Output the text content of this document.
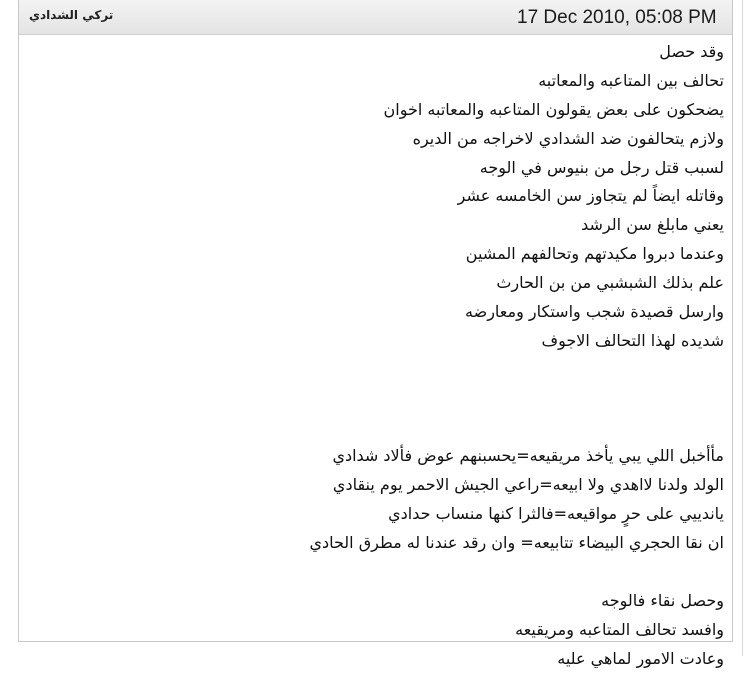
17 Dec 2010, 05:08 PM
تركي الشدادي
وقد حصل
تحالف بين المتاعبه والمعاتبه
يضحكون على بعض يقولون المتاعبه والمعاتبه اخوان
ولازم يتحالفون ضد الشدادي لاخراجه من الديره
لسبب قتل رجل من بنيوس في الوجه
وقاتله ايضاً لم يتجاوز سن الخامسه عشر
يعني مابلغ سن الرشد
وعندما دبروا مكيدتهم وتحالفهم المشين
علم بذلك الشبشبي من بن الحارث
وارسل قصيدة شجب واستكار ومعارضه
شديده لهذا التحالف الاجوف
مأأخبل اللي يبي يأخذ مريقيعه=يحسبنهم عوض فألاد شدادي
الولد ولدنا لااهدي ولا ابيعه=راعي الجيش الاحمر يوم ينقادي
ياندييي على حرٍ مواقيعه=فالثرا كنها منساب حدادي
ان نقا الحجري البيضاء تتابيعه= وان رقد عندنا له مطرق الحادي
وحصل نقاء فالوجه
وافسد تحالف المتاعبه ومريقيعه
وعادت الامور لماهي عليه
